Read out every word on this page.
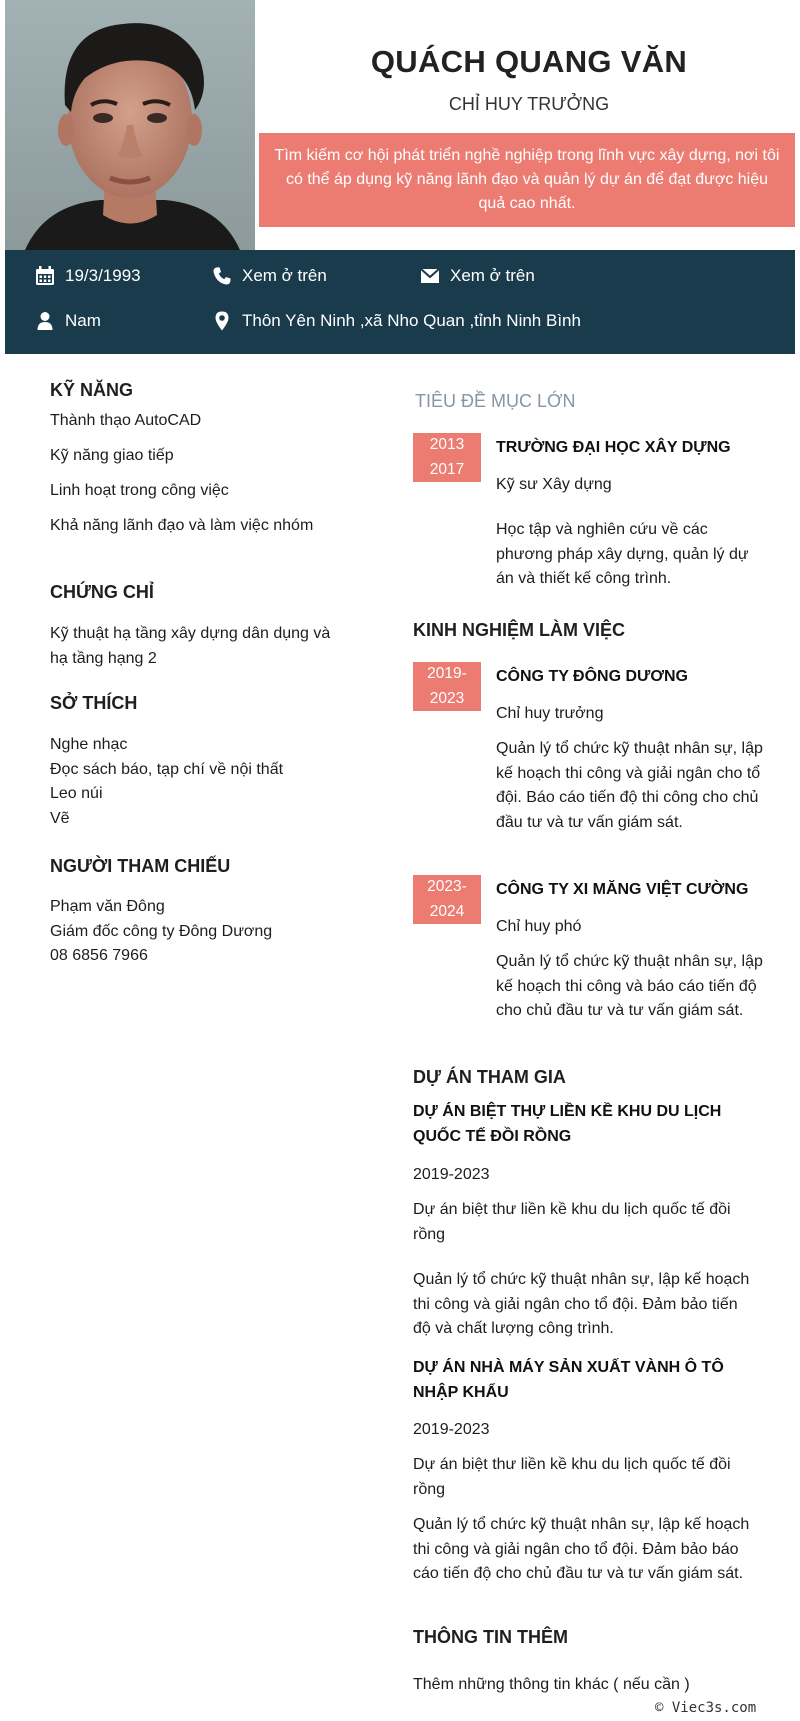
QUÁCH QUANG VĂN
CHỈ HUY TRƯỞNG
Tìm kiếm cơ hội phát triển nghề nghiệp trong lĩnh vực xây dựng, nơi tôi có thể áp dụng kỹ năng lãnh đạo và quản lý dự án để đạt được hiệu quả cao nhất.
19/3/1993	Xem ở trên	Xem ở trên
Nam	Thôn Yên Ninh ,xã Nho Quan ,tỉnh Ninh Bình
KỸ NĂNG
Thành thạo AutoCAD
Kỹ năng giao tiếp
Linh hoạt trong công việc
Khả năng lãnh đạo và làm việc nhóm
CHỨNG CHỈ
Kỹ thuật hạ tầng xây dựng dân dụng và hạ tầng hạng 2
SỞ THÍCH
Nghe nhạc
Đọc sách báo, tạp chí về nội thất
Leo núi
Vẽ
NGƯỜI THAM CHIẾU
Phạm văn Đông
Giám đốc công ty Đông Dương
08 6856 7966
TIÊU ĐỀ MỤC LỚN
2013
2017
TRƯỜNG ĐẠI HỌC XÂY DỰNG
Kỹ sư Xây dựng
Học tập và nghiên cứu về các phương pháp xây dựng, quản lý dự án và thiết kế công trình.
KINH NGHIỆM LÀM VIỆC
2019-
2023
CÔNG TY ĐÔNG DƯƠNG
Chỉ huy trưởng
Quản lý tổ chức kỹ thuật nhân sự, lập kế hoạch thi công và giải ngân cho tổ đội. Báo cáo tiến độ thi công cho chủ đầu tư và tư vấn giám sát.
2023-
2024
CÔNG TY XI MĂNG VIỆT CƯỜNG
Chỉ huy phó
Quản lý tổ chức kỹ thuật nhân sự, lập kế hoạch thi công và báo cáo tiến độ cho chủ đầu tư và tư vấn giám sát.
DỰ ÁN THAM GIA
DỰ ÁN BIỆT THỰ LIỀN KỀ KHU DU LỊCH QUỐC TẾ ĐỒI RỒNG
2019-2023
Dự án biệt thư liền kề khu du lịch quốc tế đồi rồng
Quản lý tổ chức kỹ thuật nhân sự, lập kế hoạch thi công và giải ngân cho tổ đội. Đảm bảo tiến độ và chất lượng công trình.
DỰ ÁN NHÀ MÁY SẢN XUẤT VÀNH Ô TÔ NHẬP KHẨU
2019-2023
Dự án biệt thư liền kề khu du lịch quốc tế đồi rồng
Quản lý tổ chức kỹ thuật nhân sự, lập kế hoạch thi công và giải ngân cho tổ đội. Đảm bảo báo cáo tiến độ cho chủ đầu tư và tư vấn giám sát.
THÔNG TIN THÊM
Thêm những thông tin khác ( nếu cần )
© Viec3s.com
